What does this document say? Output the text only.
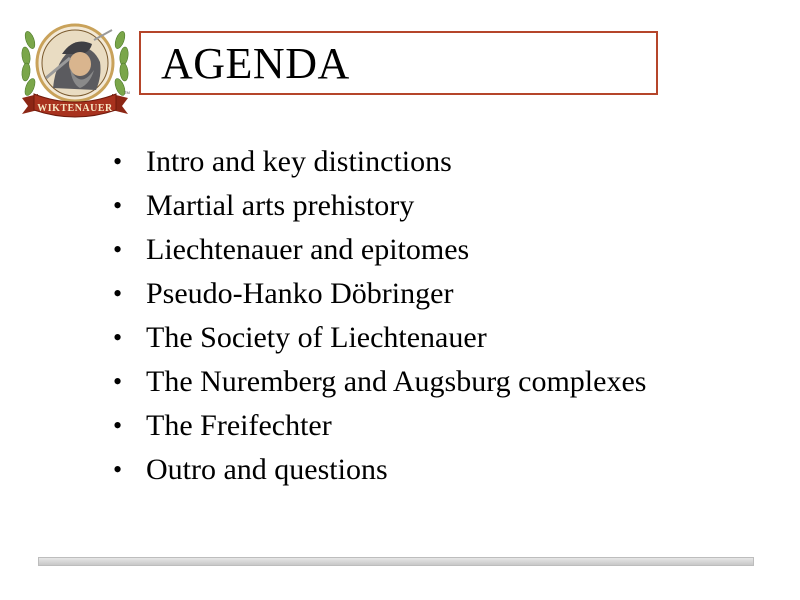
WIKTENAUER
TM
AGENDA
• Intro and key distinctions
• Martial arts prehistory
• Liechtenauer and epitomes
• Pseudo-Hanko Döbringer
• The Society of Liechtenauer
• The Nuremberg and Augsburg complexes
• The Freifechter
• Outro and questions
